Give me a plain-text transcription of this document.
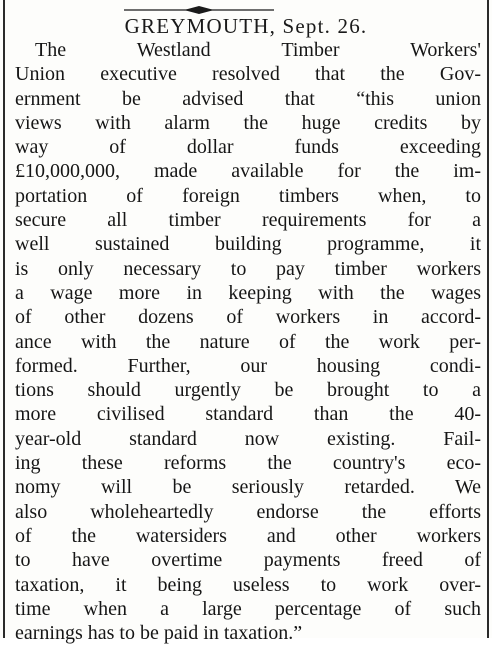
GREYMOUTH, Sept. 26.
The Westland Timber Workers'
Union executive resolved that the Gov-
ernment be advised that “this union
views with alarm the huge credits by
way of dollar funds exceeding
£10,000,000, made available for the im-
portation of foreign timbers when, to
secure all timber requirements for a
well sustained building programme, it
is only necessary to pay timber workers
a wage more in keeping with the wages
of other dozens of workers in accord-
ance with the nature of the work per-
formed. Further, our housing condi-
tions should urgently be brought to a
more civilised standard than the 40-
year-old standard now existing. Fail-
ing these reforms the country's eco-
nomy will be seriously retarded. We
also wholeheartedly endorse the efforts
of the watersiders and other workers
to have overtime payments freed of
taxation, it being useless to work over-
time when a large percentage of such
earnings has to be paid in taxation.”
